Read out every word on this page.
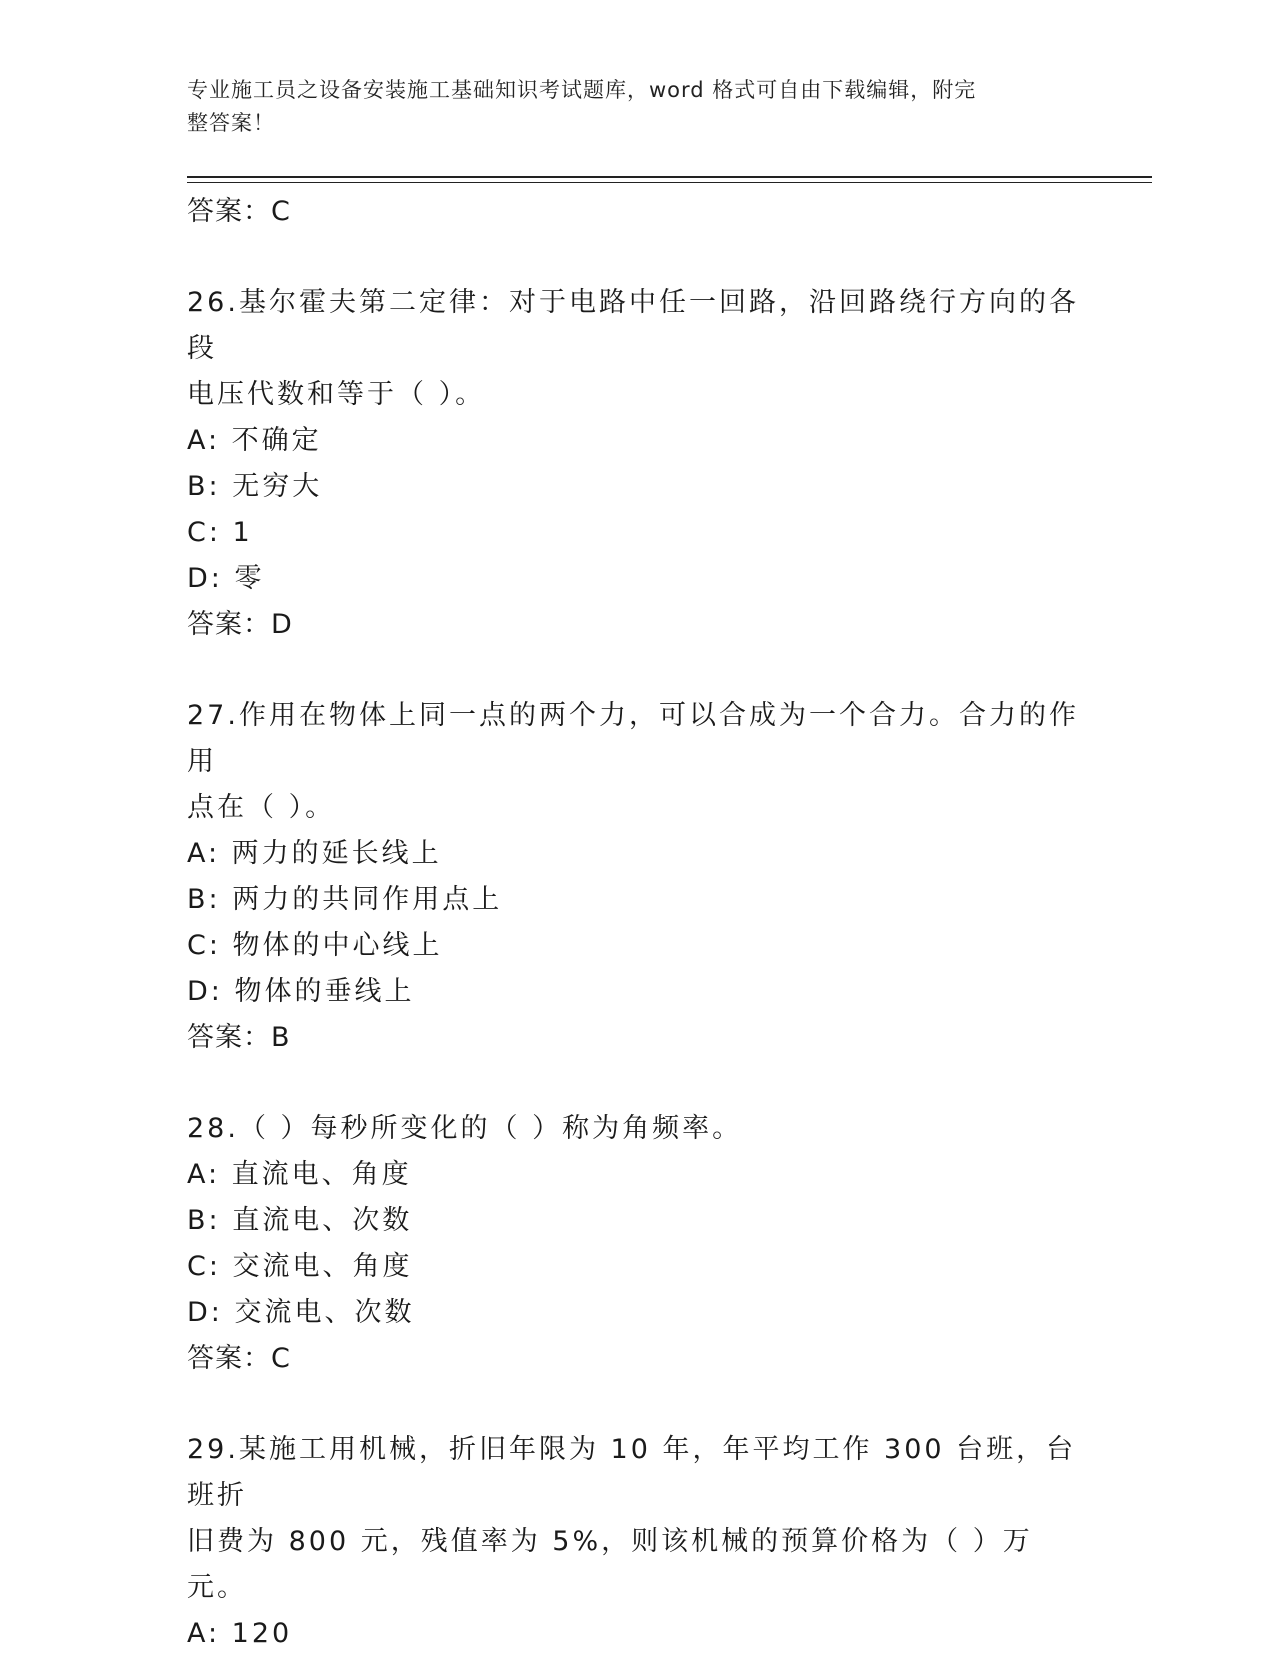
专业施工员之设备安装施工基础知识考试题库，word 格式可自由下载编辑，附完
整答案！
答案：C
26.基尔霍夫第二定律：对于电路中任一回路，沿回路绕行方向的各段
电压代数和等于（ ）。
A: 不确定
B: 无穷大
C: 1
D: 零
答案：D
27.作用在物体上同一点的两个力，可以合成为一个合力。合力的作用
点在（ ）。
A: 两力的延长线上
B: 两力的共同作用点上
C: 物体的中心线上
D: 物体的垂线上
答案：B
28.（ ）每秒所变化的（ ）称为角频率。
A: 直流电、角度
B: 直流电、次数
C: 交流电、角度
D: 交流电、次数
答案：C
29.某施工用机械，折旧年限为 10 年，年平均工作 300 台班，台班折
旧费为 800 元，残值率为 5%，则该机械的预算价格为（ ）万元。
A: 120
